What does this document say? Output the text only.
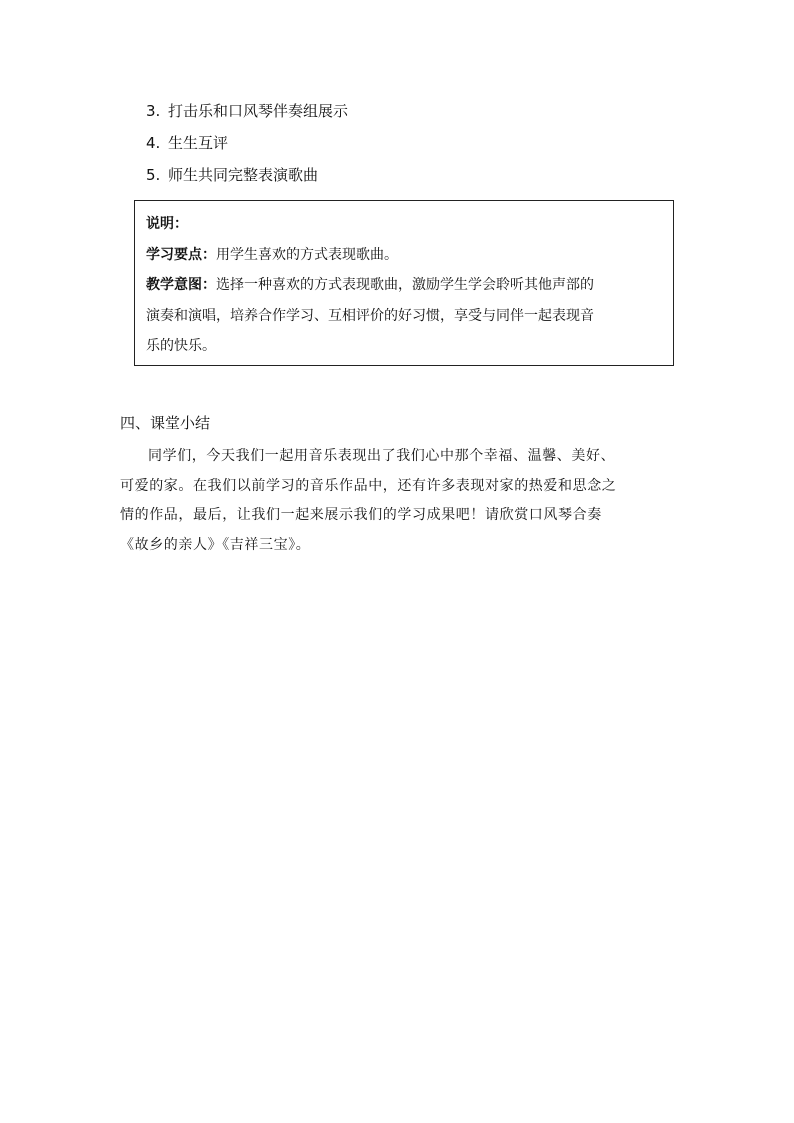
3. 打击乐和口风琴伴奏组展示
4. 生生互评
5. 师生共同完整表演歌曲

说明：

学习要点：用学生喜欢的方式表现歌曲。

教学意图：选择一种喜欢的方式表现歌曲，激励学生学会聆听其他声部的
演奏和演唱，培养合作学习、互相评价的好习惯，享受与同伴一起表现音
乐的快乐。

四、课堂小结

同学们，今天我们一起用音乐表现出了我们心中那个幸福、温馨、美好、
可爱的家。在我们以前学习的音乐作品中，还有许多表现对家的热爱和思念之
情的作品，最后，让我们一起来展示我们的学习成果吧！请欣赏口风琴合奏
《故乡的亲人》《吉祥三宝》。
